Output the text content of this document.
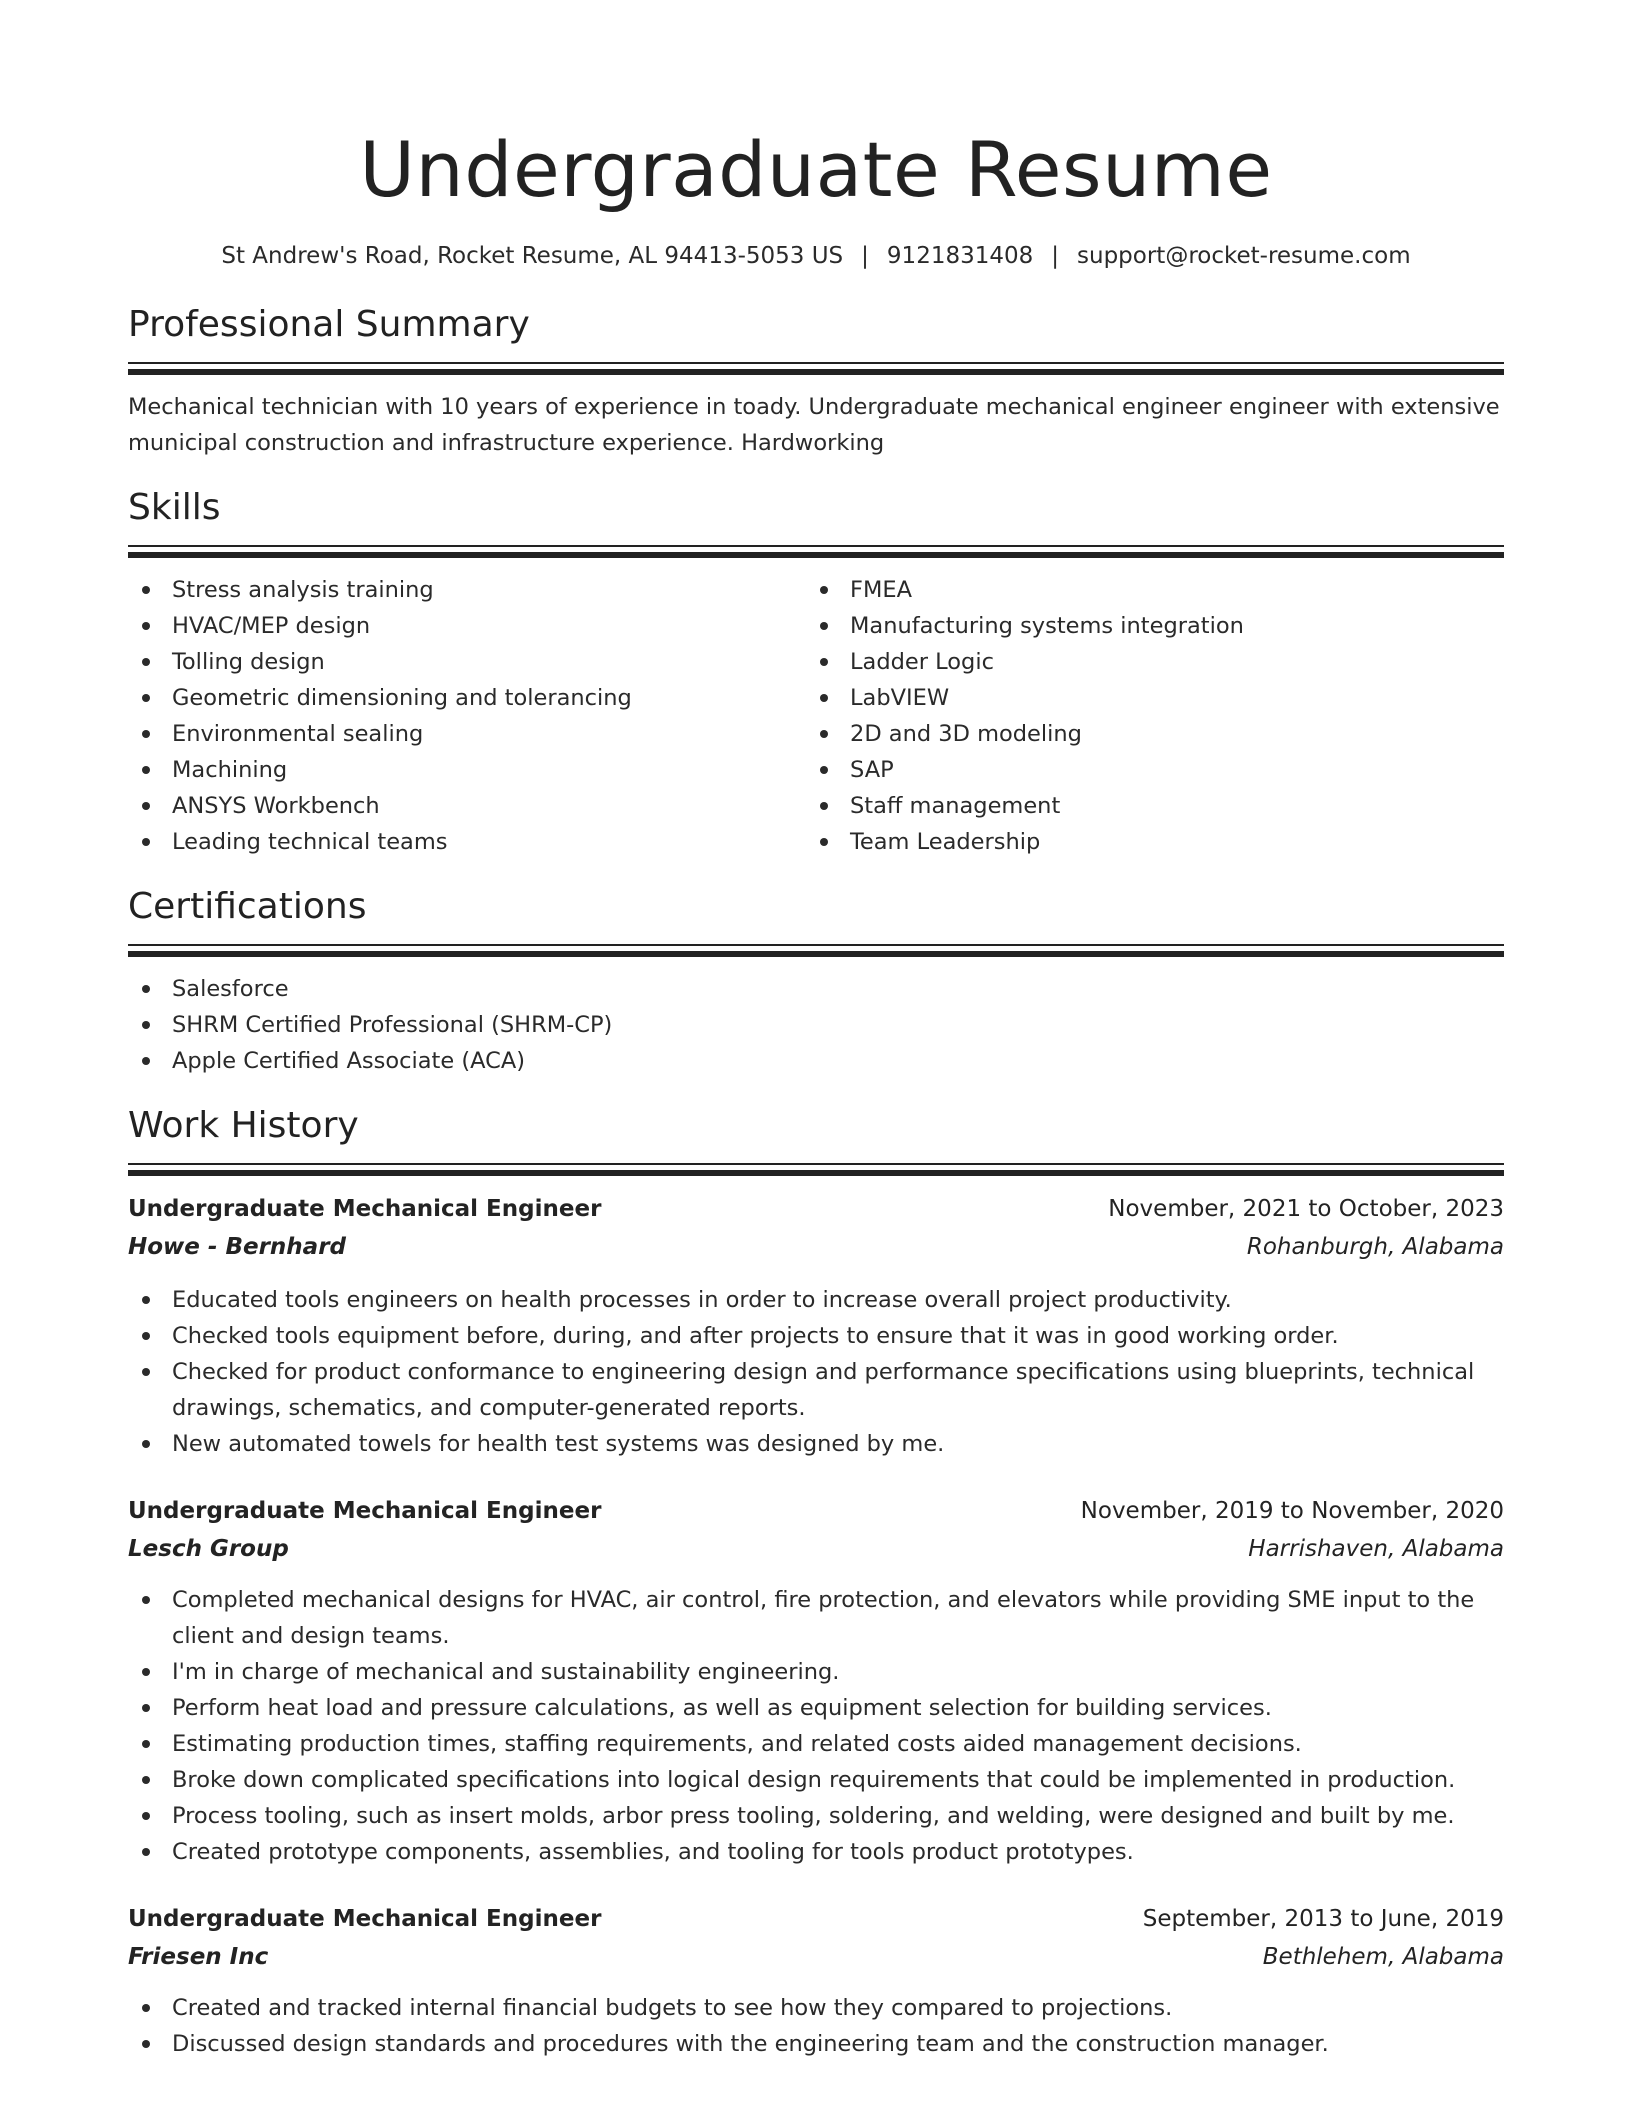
Undergraduate Resume
St Andrew's Road, Rocket Resume, AL 94413-5053 US | 9121831408 | support@rocket-resume.com
Professional Summary
Mechanical technician with 10 years of experience in toady. Undergraduate mechanical engineer engineer with extensive municipal construction and infrastructure experience. Hardworking
Skills
Stress analysis training
HVAC/MEP design
Tolling design
Geometric dimensioning and tolerancing
Environmental sealing
Machining
ANSYS Workbench
Leading technical teams
FMEA
Manufacturing systems integration
Ladder Logic
LabVIEW
2D and 3D modeling
SAP
Staff management
Team Leadership
Certifications
Salesforce
SHRM Certified Professional (SHRM-CP)
Apple Certified Associate (ACA)
Work History
Undergraduate Mechanical Engineer	November, 2021 to October, 2023
Howe - Bernhard	Rohanburgh, Alabama
Educated tools engineers on health processes in order to increase overall project productivity.
Checked tools equipment before, during, and after projects to ensure that it was in good working order.
Checked for product conformance to engineering design and performance specifications using blueprints, technical drawings, schematics, and computer-generated reports.
New automated towels for health test systems was designed by me.
Undergraduate Mechanical Engineer	November, 2019 to November, 2020
Lesch Group	Harrishaven, Alabama
Completed mechanical designs for HVAC, air control, fire protection, and elevators while providing SME input to the client and design teams.
I'm in charge of mechanical and sustainability engineering.
Perform heat load and pressure calculations, as well as equipment selection for building services.
Estimating production times, staffing requirements, and related costs aided management decisions.
Broke down complicated specifications into logical design requirements that could be implemented in production.
Process tooling, such as insert molds, arbor press tooling, soldering, and welding, were designed and built by me.
Created prototype components, assemblies, and tooling for tools product prototypes.
Undergraduate Mechanical Engineer	September, 2013 to June, 2019
Friesen Inc	Bethlehem, Alabama
Created and tracked internal financial budgets to see how they compared to projections.
Discussed design standards and procedures with the engineering team and the construction manager.
